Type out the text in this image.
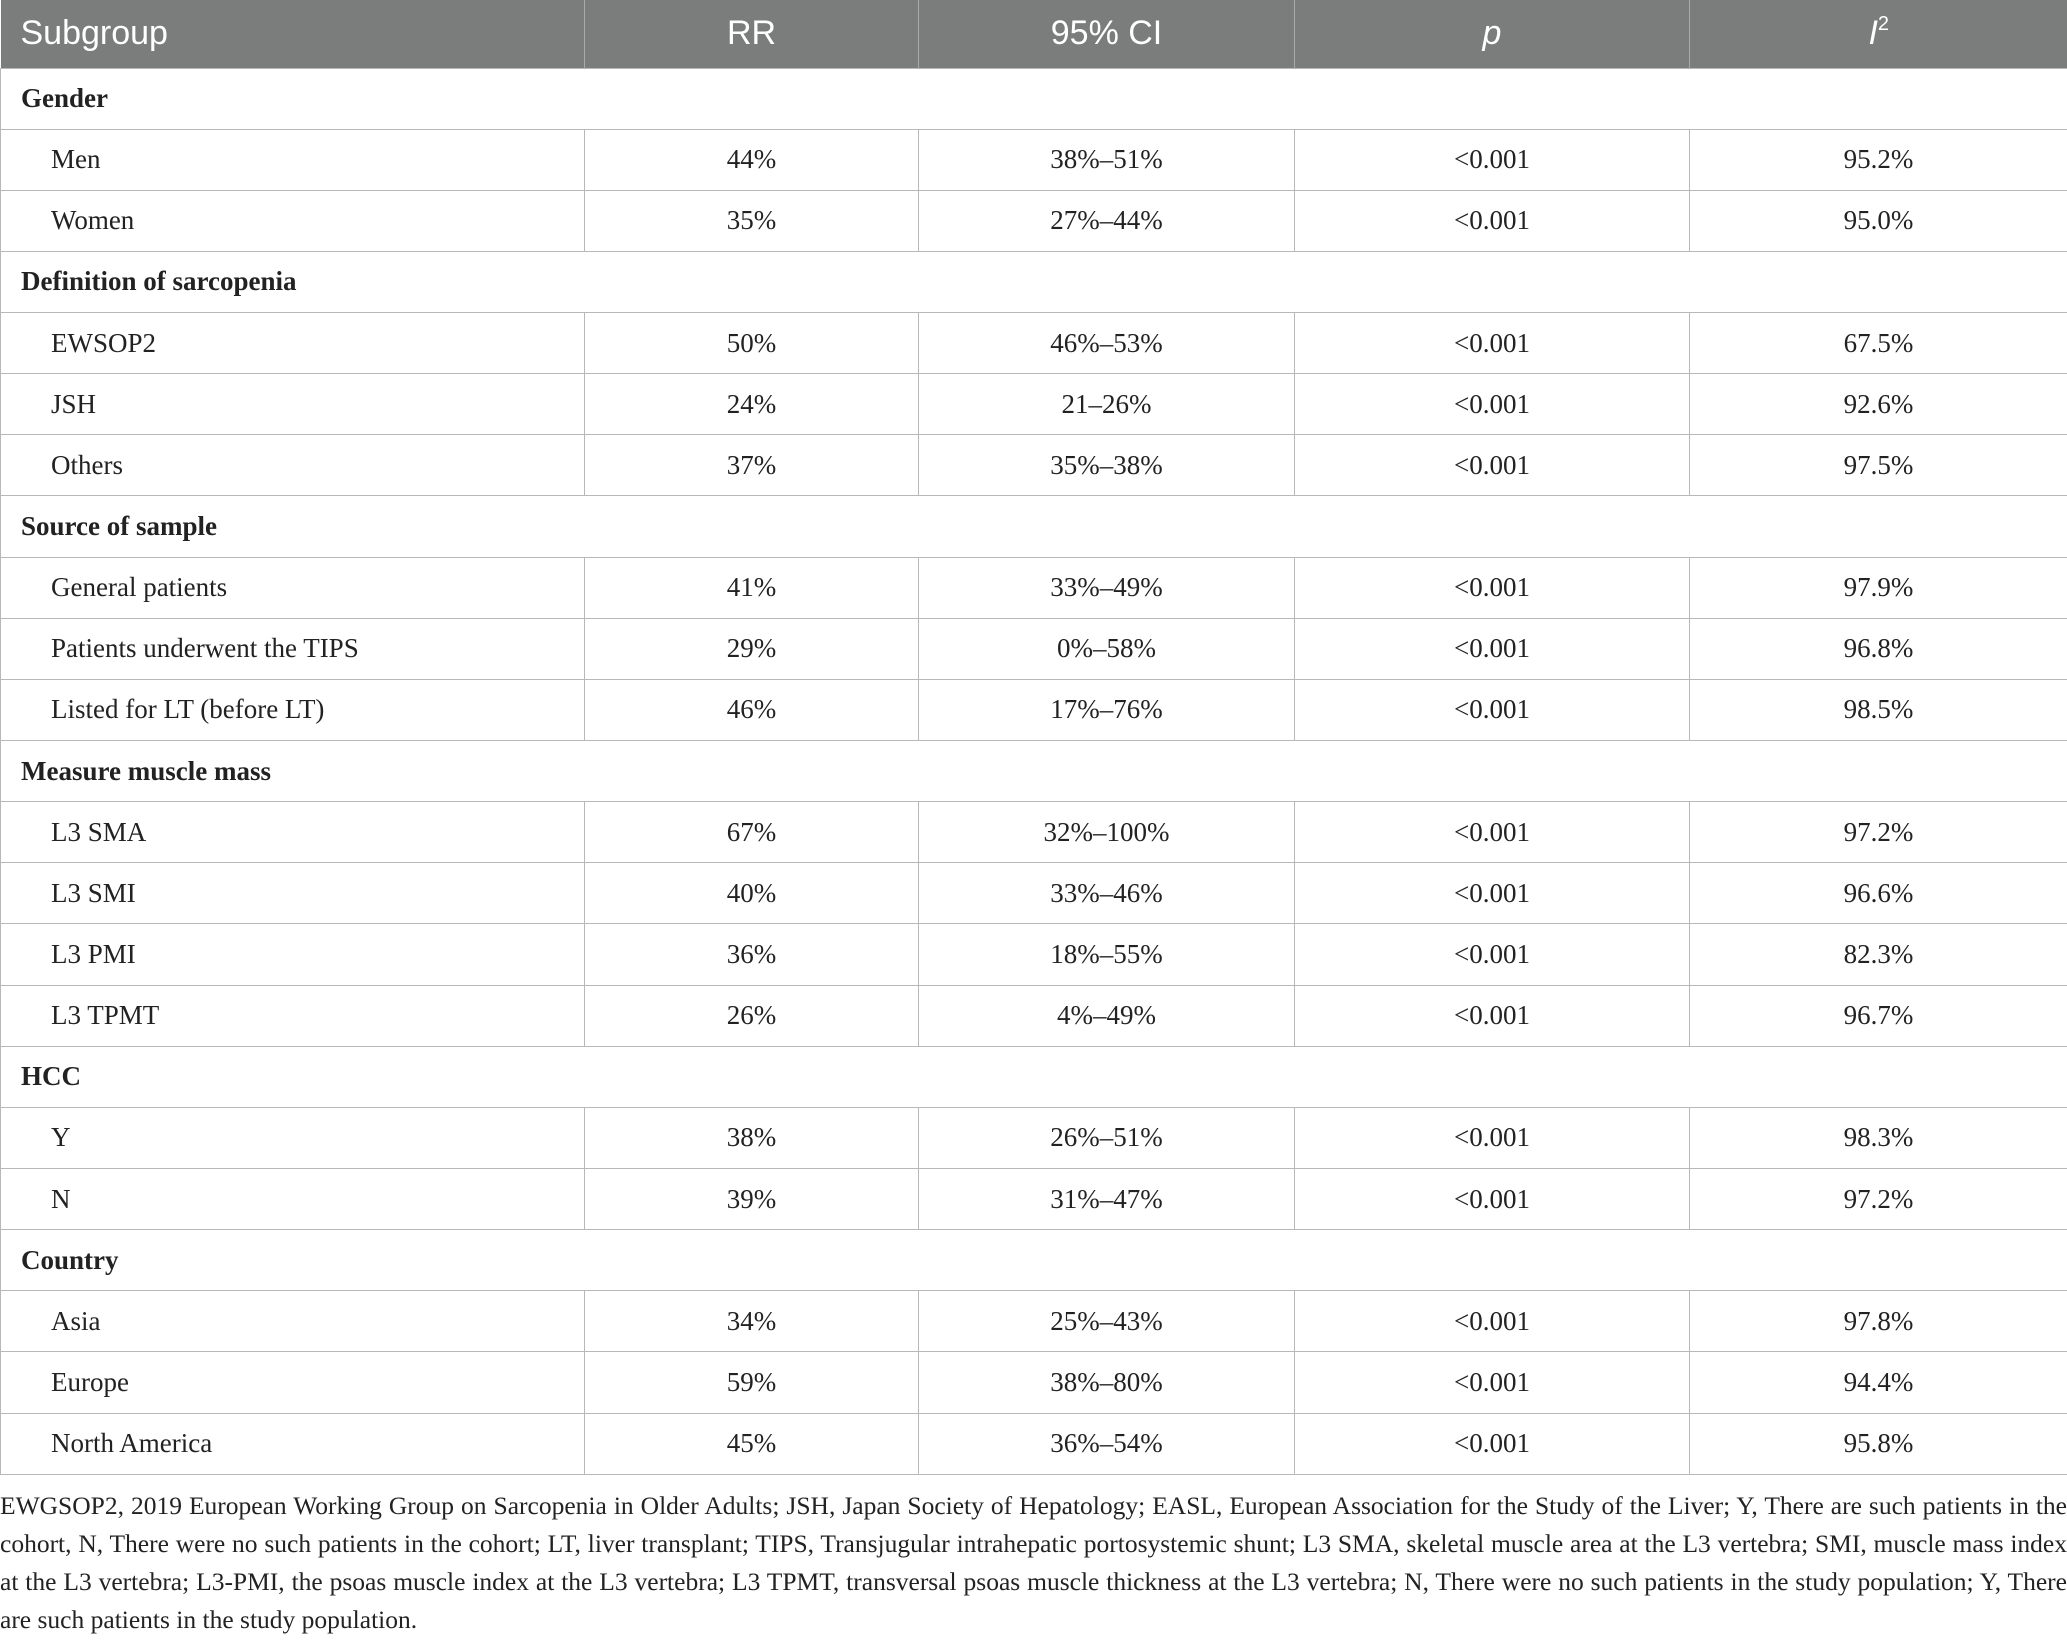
Subgroup	RR	95% CI	p	$I^2$
Gender				
Men	44%	38%–51%	<0.001	95.2%
Women	35%	27%–44%	<0.001	95.0%
Definition of sarcopenia				
EWSOP2	50%	46%–53%	<0.001	67.5%
JSH	24%	21–26%	<0.001	92.6%
Others	37%	35%–38%	<0.001	97.5%
Source of sample				
General patients	41%	33%–49%	<0.001	97.9%
Patients underwent the TIPS	29%	0%–58%	<0.001	96.8%
Listed for LT (before LT)	46%	17%–76%	<0.001	98.5%
Measure muscle mass				
L3 SMA	67%	32%–100%	<0.001	97.2%
L3 SMI	40%	33%–46%	<0.001	96.6%
L3 PMI	36%	18%–55%	<0.001	82.3%
L3 TPMT	26%	4%–49%	<0.001	96.7%
HCC				
Y	38%	26%–51%	<0.001	98.3%
N	39%	31%–47%	<0.001	97.2%
Country				
Asia	34%	25%–43%	<0.001	97.8%
Europe	59%	38%–80%	<0.001	94.4%
North America	45%	36%–54%	<0.001	95.8%
EWGSOP2, 2019 European Working Group on Sarcopenia in Older Adults; JSH, Japan Society of Hepatology; EASL, European Association for the Study of the Liver; Y, There are such patients in the cohort, N, There were no such patients in the cohort; LT, liver transplant; TIPS, Transjugular intrahepatic portosystemic shunt; L3 SMA, skeletal muscle area at the L3 vertebra; SMI, muscle mass index at the L3 vertebra; L3-PMI, the psoas muscle index at the L3 vertebra; L3 TPMT, transversal psoas muscle thickness at the L3 vertebra; N, There were no such patients in the study population; Y, There are such patients in the study population.
